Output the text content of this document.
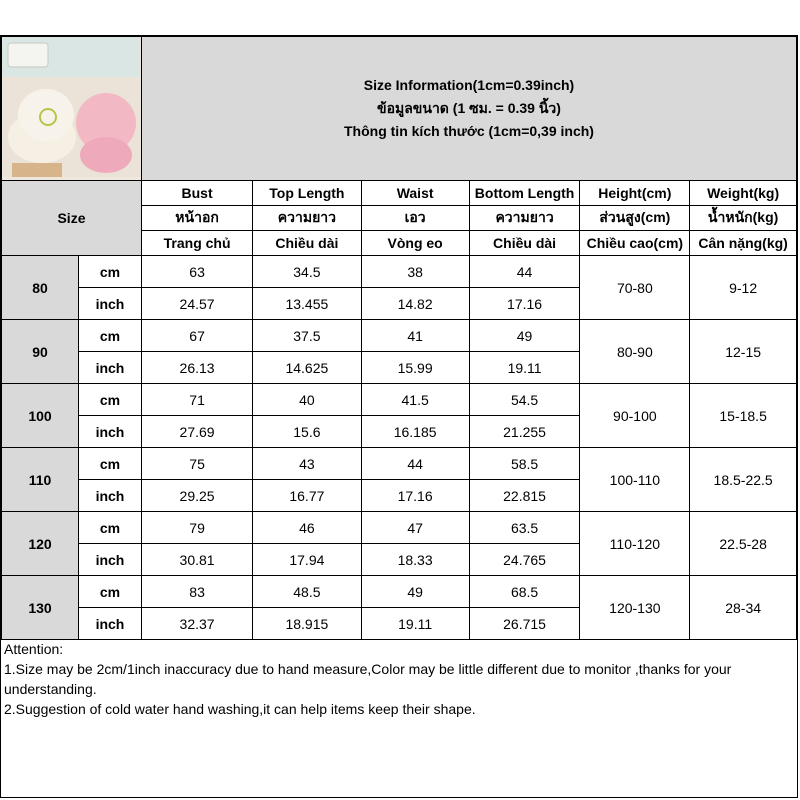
Size Information(1cm=0.39inch)
ข้อมูลขนาด (1 ซม. = 0.39 นิ้ว)
Thông tin kích thước (1cm=0,39 inch)					

Size		Bust	Top Length	Waist	Bottom Length	Height(cm)	Weight(kg)
		หน้าอก	ความยาว	เอว	ความยาว	ส่วนสูง(cm)	น้ำหนัก(kg)
		Trang chủ	Chiều dài	Vòng eo	Chiều dài	Chiều cao(cm)	Cân nặng(kg)
80	cm	63	34.5	38	44	70-80	9-12
	inch	24.57	13.455	14.82	17.16		
90	cm	67	37.5	41	49	80-90	12-15
	inch	26.13	14.625	15.99	19.11		
100	cm	71	40	41.5	54.5	90-100	15-18.5
	inch	27.69	15.6	16.185	21.255		
110	cm	75	43	44	58.5	100-110	18.5-22.5
	inch	29.25	16.77	17.16	22.815		
120	cm	79	46	47	63.5	110-120	22.5-28
	inch	30.81	17.94	18.33	24.765		
130	cm	83	48.5	49	68.5	120-130	28-34
	inch	32.37	18.915	19.11	26.715		
Attention:
1.Size may be 2cm/1inch inaccuracy due to hand measure,Color may be little different due to monitor ,thanks for your understanding.
2.Suggestion of cold water hand washing,it can help items keep their shape.
